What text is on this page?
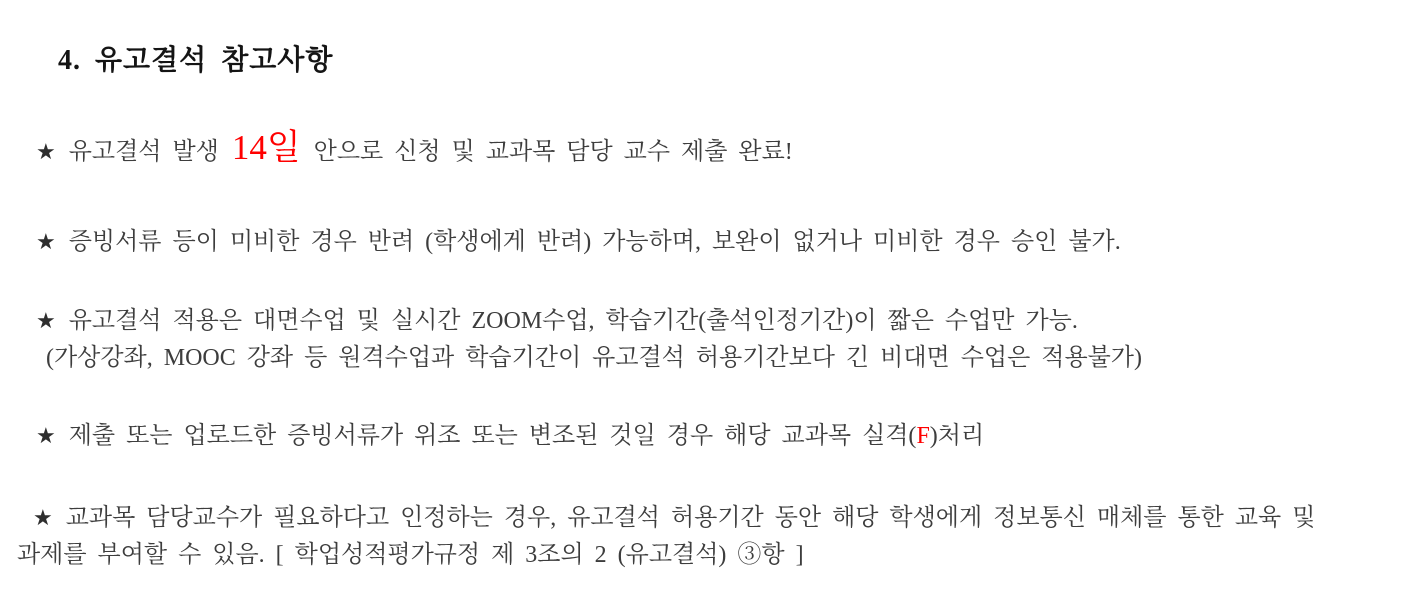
4. 유고결석 참고사항

★ 유고결석 발생 14일 안으로 신청 및 교과목 담당 교수 제출 완료!

★ 증빙서류 등이 미비한 경우 반려 (학생에게 반려) 가능하며, 보완이 없거나 미비한 경우 승인 불가.

★ 유고결석 적용은 대면수업 및 실시간 ZOOM수업, 학습기간(출석인정기간)이 짧은 수업만 가능.
(가상강좌, MOOC 강좌 등 원격수업과 학습기간이 유고결석 허용기간보다 긴 비대면 수업은 적용불가)

★ 제출 또는 업로드한 증빙서류가 위조 또는 변조된 것일 경우 해당 교과목 실격(F)처리

★ 교과목 담당교수가 필요하다고 인정하는 경우, 유고결석 허용기간 동안 해당 학생에게 정보통신 매체를 통한 교육 및
과제를 부여할 수 있음. [ 학업성적평가규정 제 3조의 2 (유고결석) ③항 ]
